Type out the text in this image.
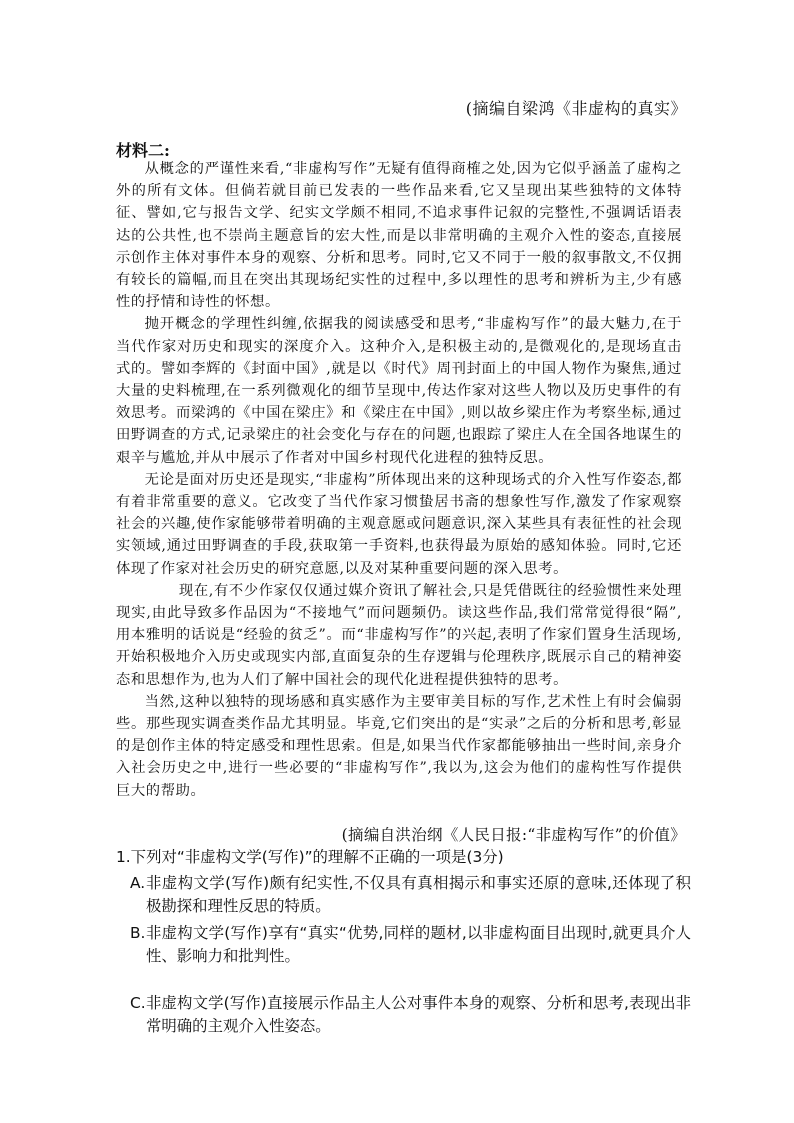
(摘编自梁鸿《非虚构的真实》
材料二:

从概念的严谨性来看,“非虚构写作”无疑有值得商榷之处,因为它似乎涵盖了虚构之外的所有文体。但倘若就目前已发表的一些作品来看,它又呈现出某些独特的文体特征、譬如,它与报告文学、纪实文学颇不相同,不追求事件记叙的完整性,不强调话语表达的公共性,也不崇尚主题意旨的宏大性,而是以非常明确的主观介入性的姿态,直接展示创作主体对事件本身的观察、分析和思考。同时,它又不同于一般的叙事散文,不仅拥有较长的篇幅,而且在突出其现场纪实性的过程中,多以理性的思考和辨析为主,少有感性的抒情和诗性的怀想。

抛开概念的学理性纠缠,依据我的阅读感受和思考,“非虚构写作”的最大魅力,在于当代作家对历史和现实的深度介入。这种介入,是积极主动的,是微观化的,是现场直击式的。譬如李辉的《封面中国》,就是以《时代》周刊封面上的中国人物作为聚焦,通过大量的史料梳理,在一系列微观化的细节呈现中,传达作家对这些人物以及历史事件的有效思考。而梁鸿的《中国在梁庄》和《梁庄在中国》,则以故乡梁庄作为考察坐标,通过田野调查的方式,记录梁庄的社会变化与存在的问题,也跟踪了梁庄人在全国各地谋生的艰辛与尴尬,并从中展示了作者对中国乡村现代化进程的独特反思。

无论是面对历史还是现实,“非虚构”所体现出来的这种现场式的介入性写作姿态,都有着非常重要的意义。它改变了当代作家习惯蛰居书斋的想象性写作,激发了作家观察社会的兴趣,使作家能够带着明确的主观意愿或问题意识,深入某些具有表征性的社会现实领域,通过田野调查的手段,获取第一手资料,也获得最为原始的感知体验。同时,它还体现了作家对社会历史的研究意愿,以及对某种重要问题的深入思考。

现在,有不少作家仅仅通过媒介资讯了解社会,只是凭借既往的经验惯性来处理现实,由此导致多作品因为“不接地气”而问题频仍。读这些作品,我们常常觉得很“隔”,用本雅明的话说是“经验的贫乏”。而“非虚构写作”的兴起,表明了作家们置身生活现场,开始积极地介入历史或现实内部,直面复杂的生存逻辑与伦理秩序,既展示自己的精神姿态和思想作为,也为人们了解中国社会的现代化进程提供独特的思考。

当然,这种以独特的现场感和真实感作为主要审美目标的写作,艺术性上有时会偏弱些。那些现实调查类作品尤其明显。毕竟,它们突出的是“实录”之后的分析和思考,彰显的是创作主体的特定感受和理性思索。但是,如果当代作家都能够抽出一些时间,亲身介入社会历史之中,进行一些必要的“非虚构写作”,我以为,这会为他们的虚构性写作提供巨大的帮助。

(摘编自洪治纲《人民日报:“非虚构写作”的价值》
1.下列对“非虚构文学(写作)”的理解不正确的一项是(3分)
A. 非虚构文学(写作)颇有纪实性,不仅具有真相揭示和事实还原的意味,还体现了积极勘探和理性反思的特质。
B. 非虚构文学(写作)享有“真实“优势,同样的题材,以非虚构面目出现时,就更具介人性、影响力和批判性。
C. 非虚构文学(写作)直接展示作品主人公对事件本身的观察、分析和思考,表现出非常明确的主观介入性姿态。
